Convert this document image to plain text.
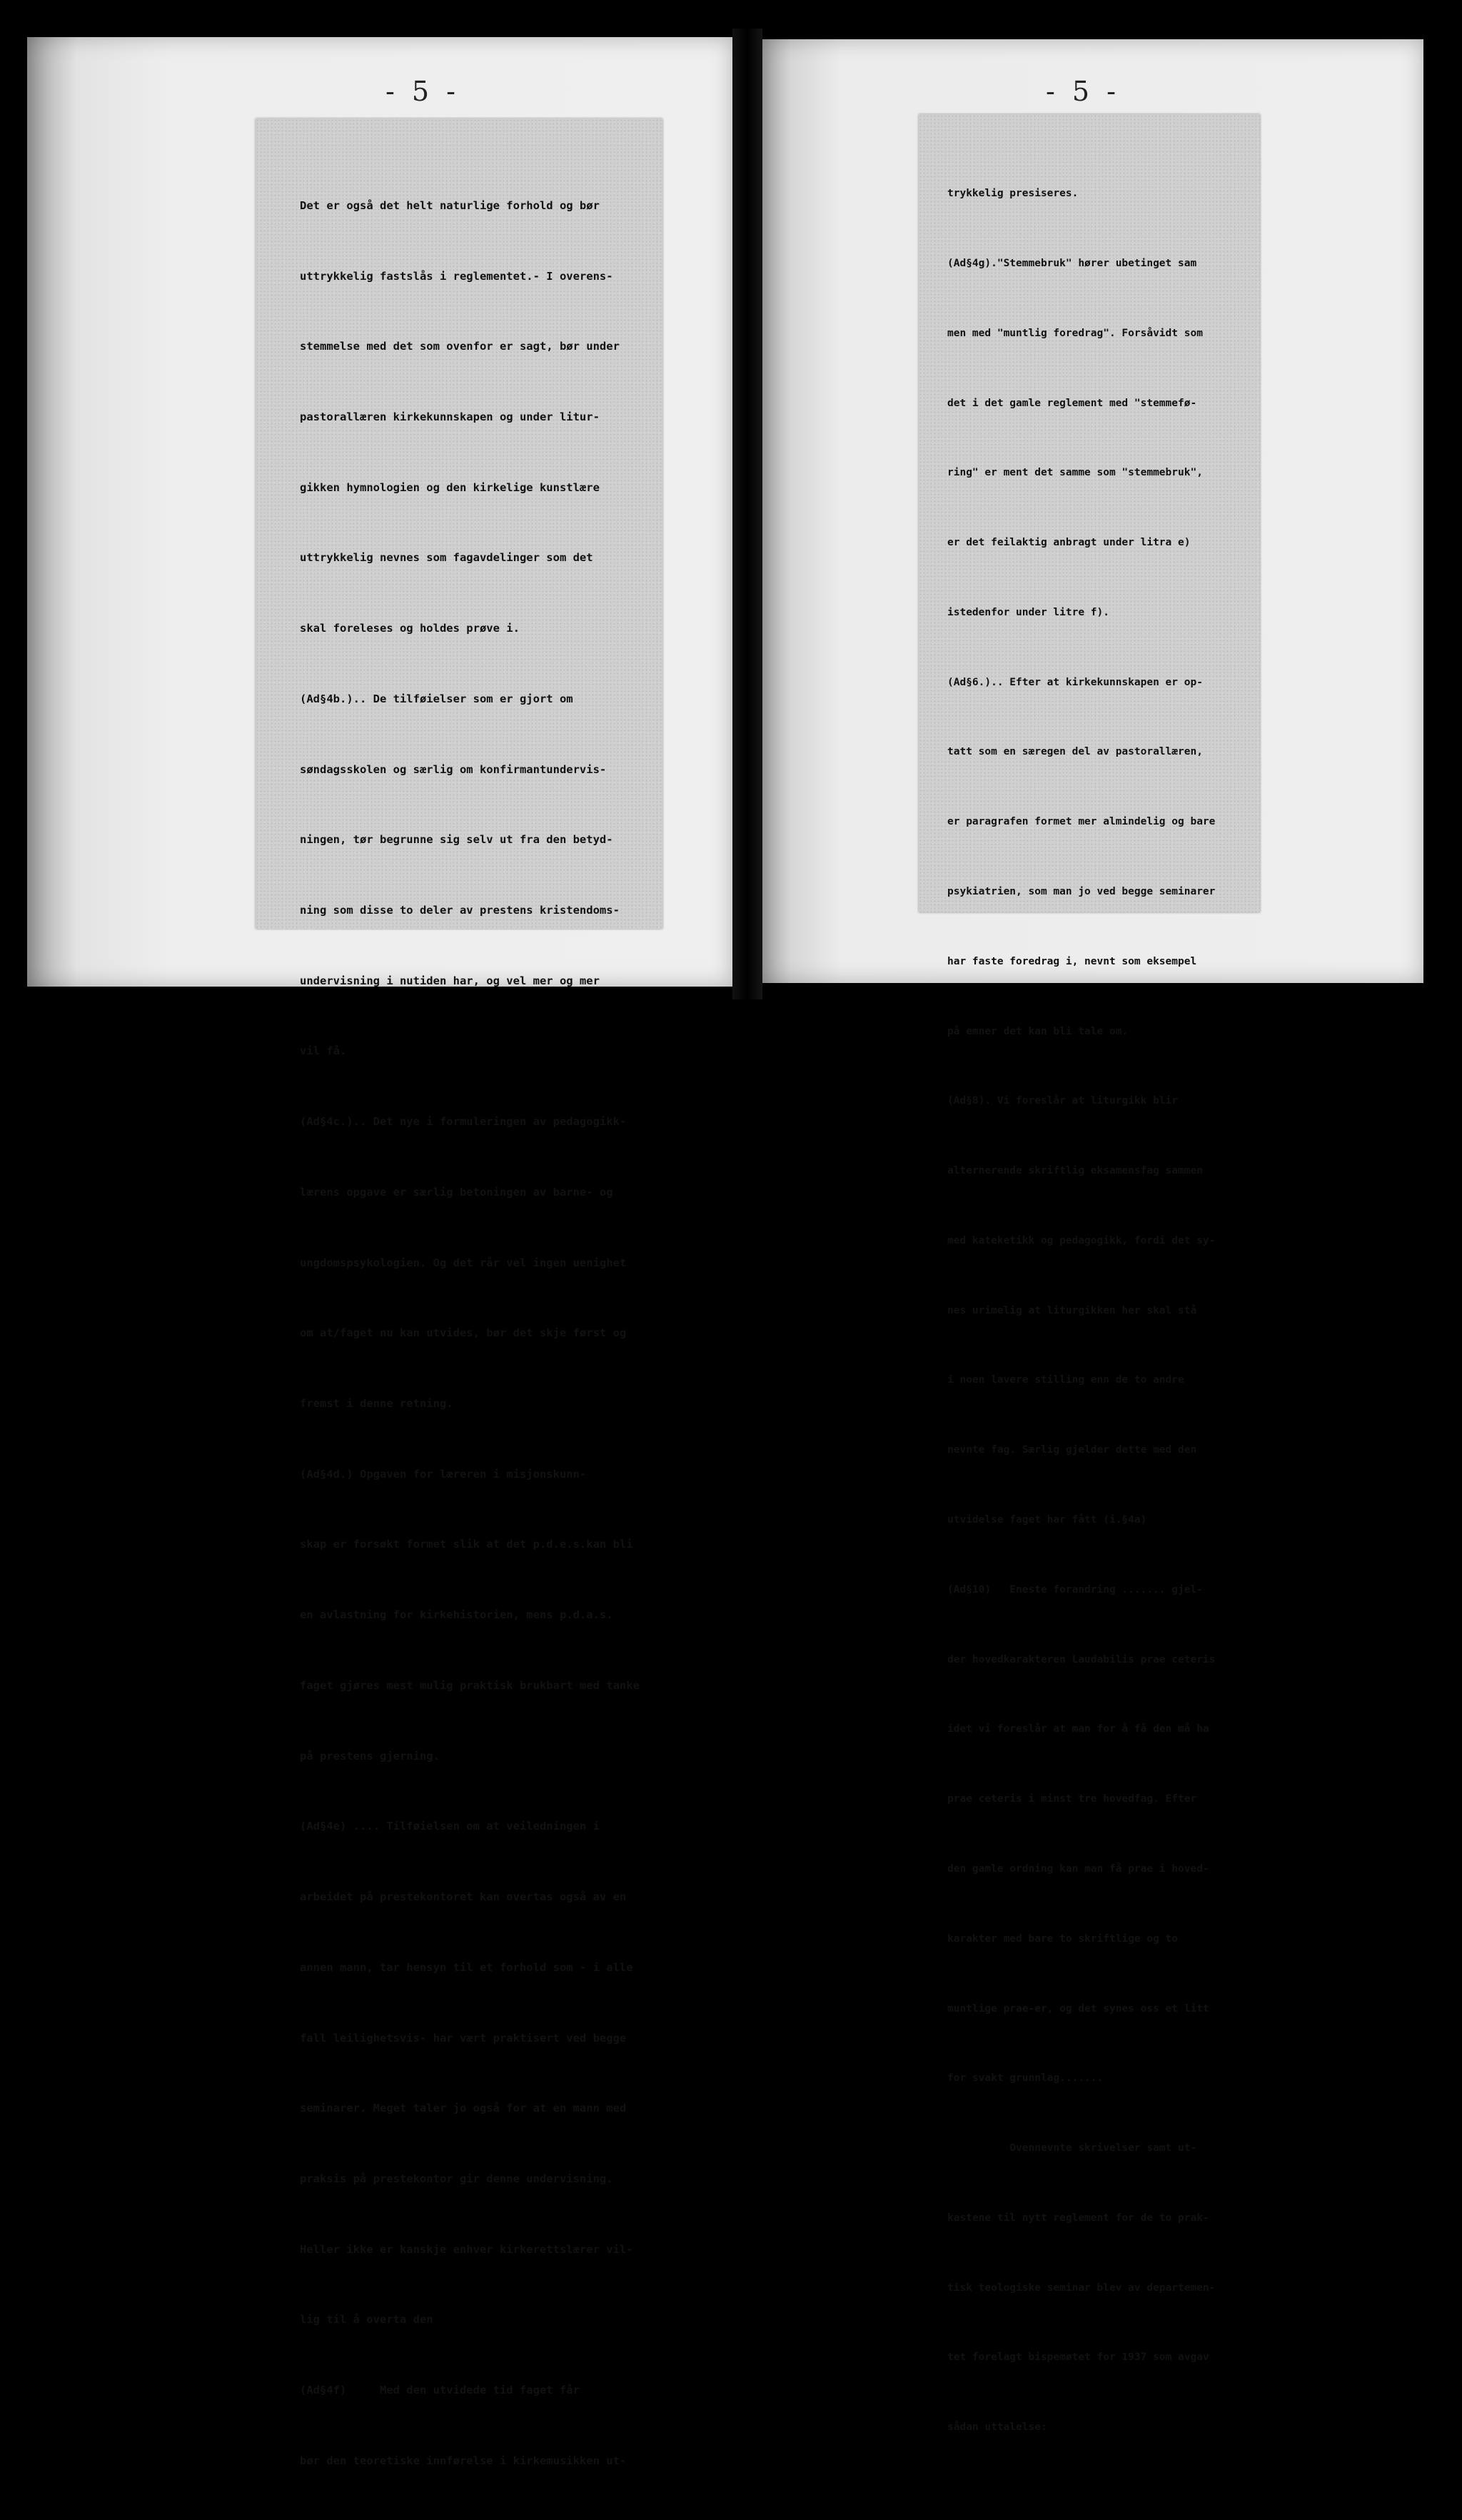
- 5 -	- 5 -

Det er også det helt naturlige forhold og bør

uttrykkelig fastslås i reglementet.- I overens-

stemmelse med det som ovenfor er sagt, bør under

pastorallæren kirkekunnskapen og under litur-

gikken hymnologien og den kirkelige kunstlære

uttrykkelig nevnes som fagavdelinger som det

skal foreleses og holdes prøve i.

(Ad§4b.).. De tilføielser som er gjort om

søndagsskolen og særlig om konfirmantundervis-

ningen, tør begrunne sig selv ut fra den betyd-

ning som disse to deler av prestens kristendoms-

undervisning i nutiden har, og vel mer og mer

vil få.

(Ad§4c.).. Det nye i formuleringen av pedagogikk-

lærens opgave er særlig betoningen av barne- og

ungdomspsykologien. Og det rår vel ingen uenighet

om at/faget nu kan utvides, bør det skje først og

fremst i denne retning.

(Ad§4d.) Opgaven for læreren i misjonskunn-

skap er forsøkt formet slik at det p.d.e.s.kan bli

en avlastning for kirkehistorien, mens p.d.a.s.

faget gjøres mest mulig praktisk brukbart med tanke

på prestens gjerning.

(Ad§4e) .... Tilføielsen om at veiledningen i

arbeidet på prestekontoret kan overtas også av en

annen mann, tar hensyn til et forhold som - i alle

fall leilighetsvis- har vært praktisert ved begge

seminarer. Meget taler jo også for at en mann med

praksis på prestekontor gir denne undervisning.

Heller ikke er kanskje enhver kirkerettslærer vil-

lig til å overta den

(Ad§4f)     Med den utvidede tid faget får

bør den teoretiske innførelse i kirkemusikken ut-

trykkelig presiseres.

(Ad§4g)."Stemmebruk" hører ubetinget sam

men med "muntlig foredrag". Forsåvidt som

det i det gamle reglement med "stemmefø-

ring" er ment det samme som "stemmebruk",

er det feilaktig anbragt under litra e)

istedenfor under litre f).

(Ad§6.).. Efter at kirkekunnskapen er op-

tatt som en særegen del av pastorallæren,

er paragrafen formet mer almindelig og bare

psykiatrien, som man jo ved begge seminarer

har faste foredrag i, nevnt som eksempel

på emner det kan bli tale om.

(Ad§8). Vi foreslår at liturgikk blir

alternerende skriftlig eksamensfag sammen

med kateketikk og pedagogikk, fordi det sy-

nes urimelig at liturgikken her skal stå

i noen lavere stilling enn de to andre

nevnte fag. Særlig gjelder dette med den

utvidelse faget har fått (i.§4a)

(Ad§10)   Eneste forandring ....... gjel-

der hovedkarakteren Laudabilis prae ceteris

idet vi foreslår at man for å få den må ha

prae ceteris i minst tre hovedfag. Efter

den gamle ordning kan man få prae i hoved-

karakter med bare to skriftlige og to

muntlige prae-er, og det synes oss et litt

for svakt grunnlag.......

Ovennevnte skrivelser samt ut-

kastene til nytt reglement for de to prak-

tisk teologiske seminar blev av departemen-

tet forelagt bispemøtet for 1937 som avgav

sådan uttalelse:
